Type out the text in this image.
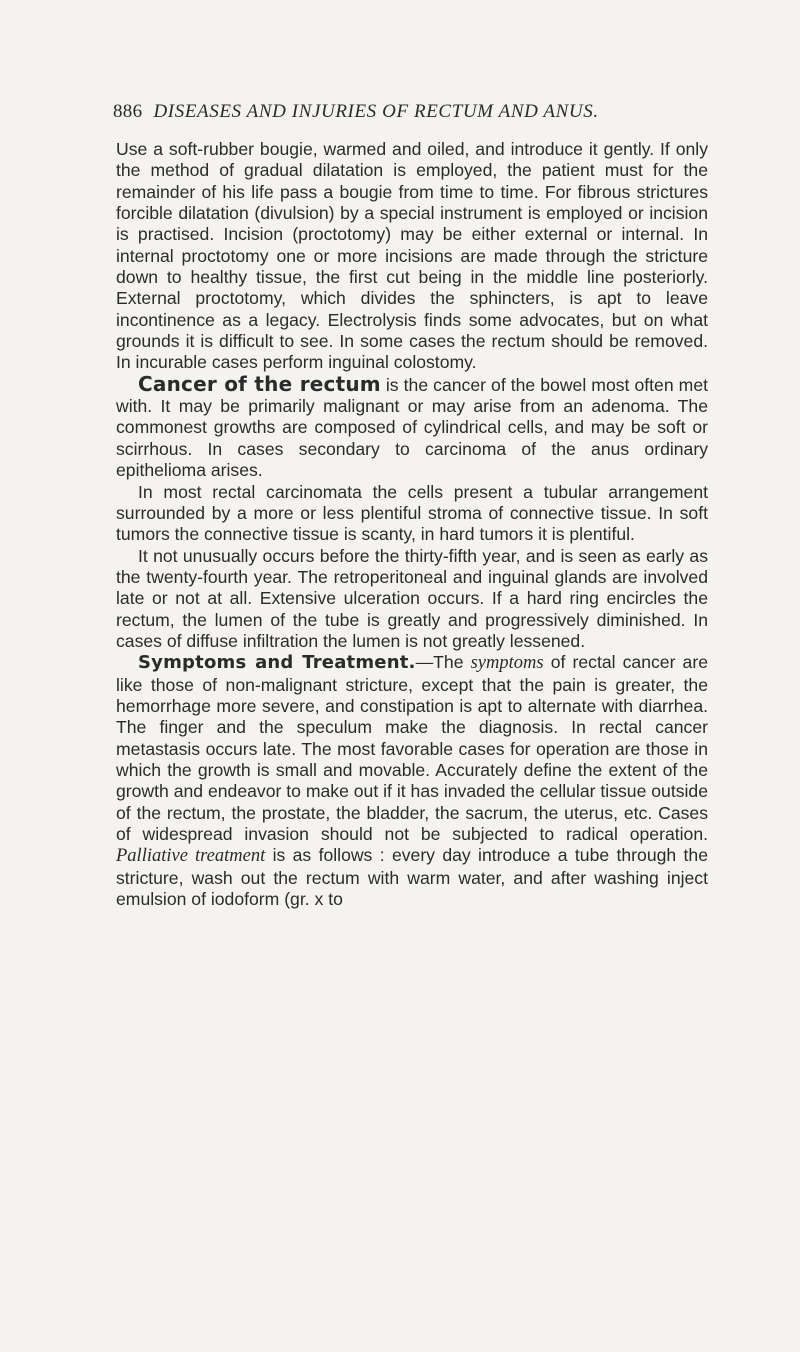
886 DISEASES AND INJURIES OF RECTUM AND ANUS.

Use a soft-rubber bougie, warmed and oiled, and introduce it gently. If only the method of gradual dilatation is employed, the patient must for the remainder of his life pass a bougie from time to time. For fibrous strictures forcible dilatation (divulsion) by a special instrument is employed or incision is practised. Incision (proctotomy) may be either external or internal. In internal proctotomy one or more incisions are made through the stricture down to healthy tissue, the first cut being in the middle line posteriorly. External proctotomy, which divides the sphincters, is apt to leave incontinence as a legacy. Electrolysis finds some advocates, but on what grounds it is difficult to see. In some cases the rectum should be removed. In incurable cases perform inguinal colostomy.

Cancer of the rectum is the cancer of the bowel most often met with. It may be primarily malignant or may arise from an adenoma. The commonest growths are composed of cylindrical cells, and may be soft or scirrhous. In cases secondary to carcinoma of the anus ordinary epithelioma arises.

In most rectal carcinomata the cells present a tubular arrangement surrounded by a more or less plentiful stroma of connective tissue. In soft tumors the connective tissue is scanty, in hard tumors it is plentiful.

It not unusually occurs before the thirty-fifth year, and is seen as early as the twenty-fourth year. The retroperitoneal and inguinal glands are involved late or not at all. Extensive ulceration occurs. If a hard ring encircles the rectum, the lumen of the tube is greatly and progressively diminished. In cases of diffuse infiltration the lumen is not greatly lessened.

Symptoms and Treatment.—The symptoms of rectal cancer are like those of non-malignant stricture, except that the pain is greater, the hemorrhage more severe, and constipation is apt to alternate with diarrhea. The finger and the speculum make the diagnosis. In rectal cancer metastasis occurs late. The most favorable cases for operation are those in which the growth is small and movable. Accurately define the extent of the growth and endeavor to make out if it has invaded the cellular tissue outside of the rectum, the prostate, the bladder, the sacrum, the uterus, etc. Cases of widespread invasion should not be subjected to radical operation. Palliative treatment is as follows : every day introduce a tube through the stricture, wash out the rectum with warm water, and after washing inject emulsion of iodoform (gr. x to
